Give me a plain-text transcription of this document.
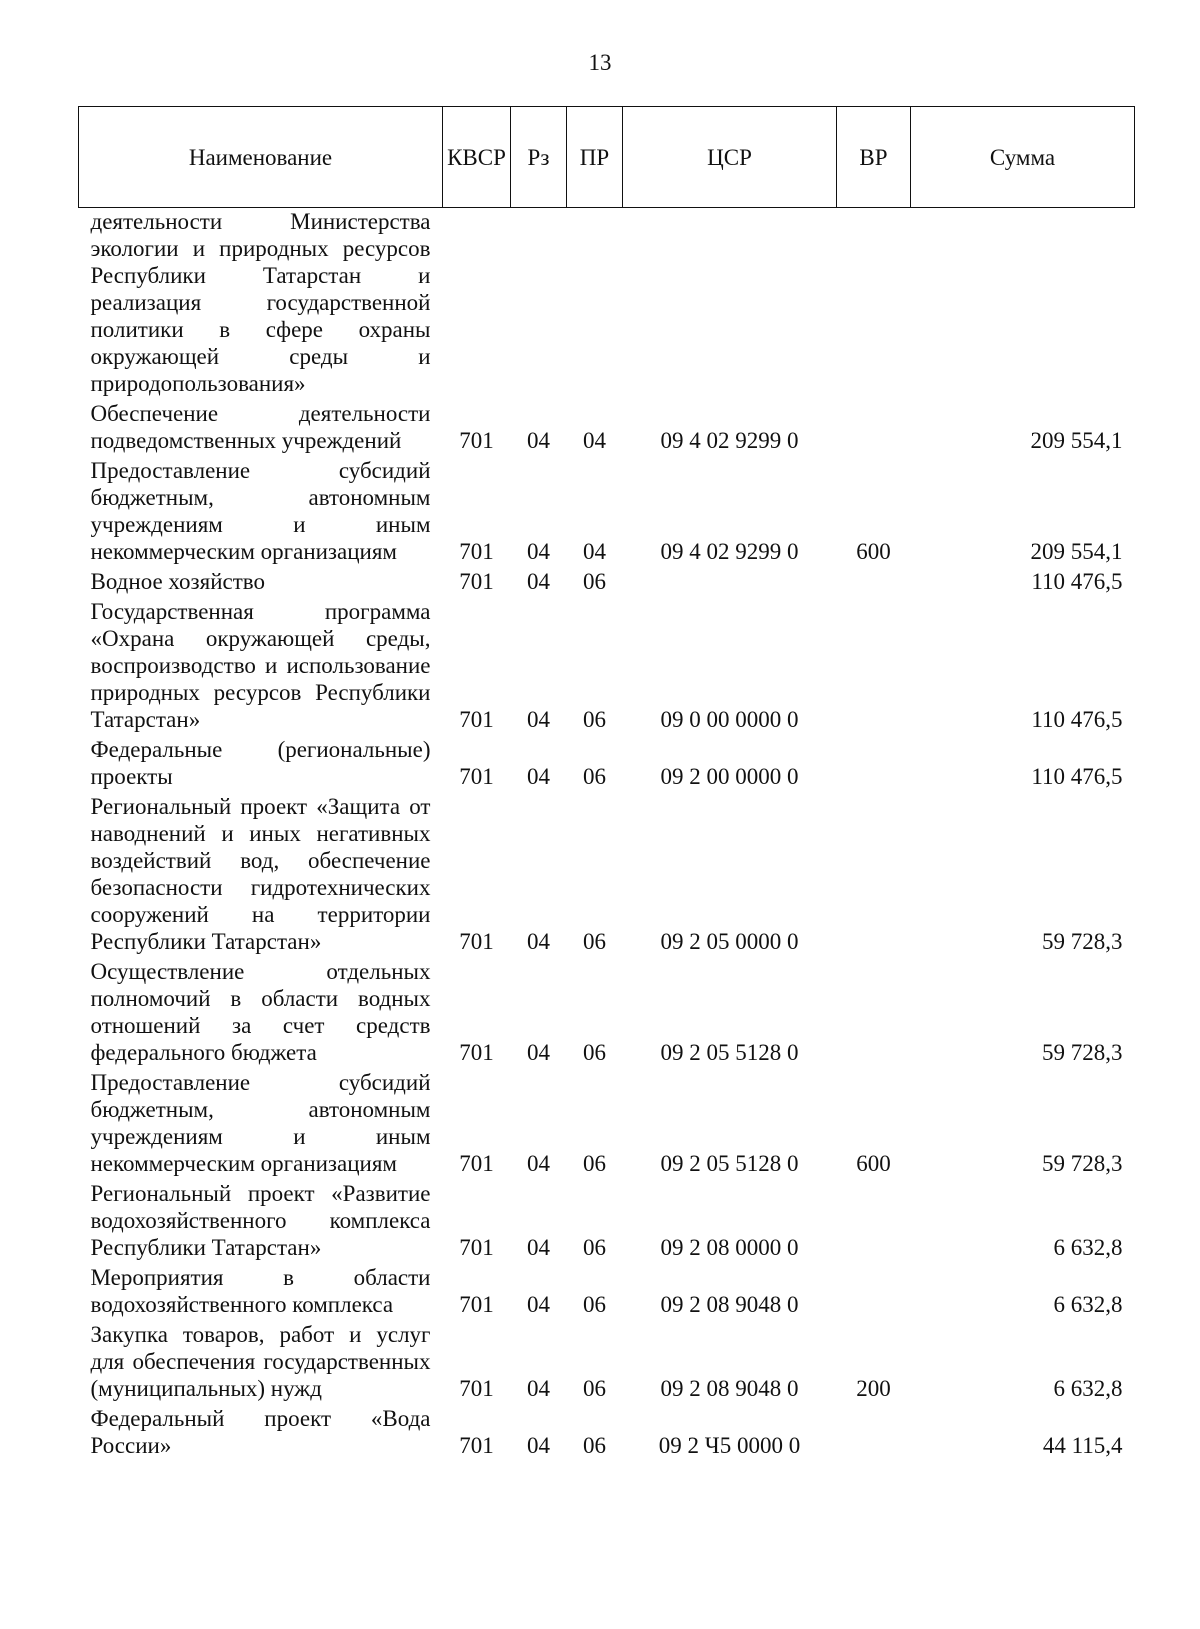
13
Наименование	КВСР	Рз	ПР	ЦСР	ВР	Сумма
деятельности Министерства экологии и природных ресурсов Республики Татарстан и реализация государственной политики в сфере охраны окружающей среды и природопользования»						
Обеспечение деятельности подведомственных учреждений	701	04	04	09 4 02 9299 0		209 554,1
Предоставление субсидий бюджетным, автономным учреждениям и иным некоммерческим организациям	701	04	04	09 4 02 9299 0	600	209 554,1
Водное хозяйство	701	04	06			110 476,5
Государственная программа «Охрана окружающей среды, воспроизводство и использование природных ресурсов Республики Татарстан»	701	04	06	09 0 00 0000 0		110 476,5
Федеральные (региональные) проекты	701	04	06	09 2 00 0000 0		110 476,5
Региональный проект «Защита от наводнений и иных негативных воздействий вод, обеспечение безопасности гидротехнических сооружений на территории Республики Татарстан»	701	04	06	09 2 05 0000 0		59 728,3
Осуществление отдельных полномочий в области водных отношений за счет средств федерального бюджета	701	04	06	09 2 05 5128 0		59 728,3
Предоставление субсидий бюджетным, автономным учреждениям и иным некоммерческим организациям	701	04	06	09 2 05 5128 0	600	59 728,3
Региональный проект «Развитие водохозяйственного комплекса Республики Татарстан»	701	04	06	09 2 08 0000 0		6 632,8
Мероприятия в области водохозяйственного комплекса	701	04	06	09 2 08 9048 0		6 632,8
Закупка товаров, работ и услуг для обеспечения государственных (муниципальных) нужд	701	04	06	09 2 08 9048 0	200	6 632,8
Федеральный проект «Вода России»	701	04	06	09 2 Ч5 0000 0		44 115,4
